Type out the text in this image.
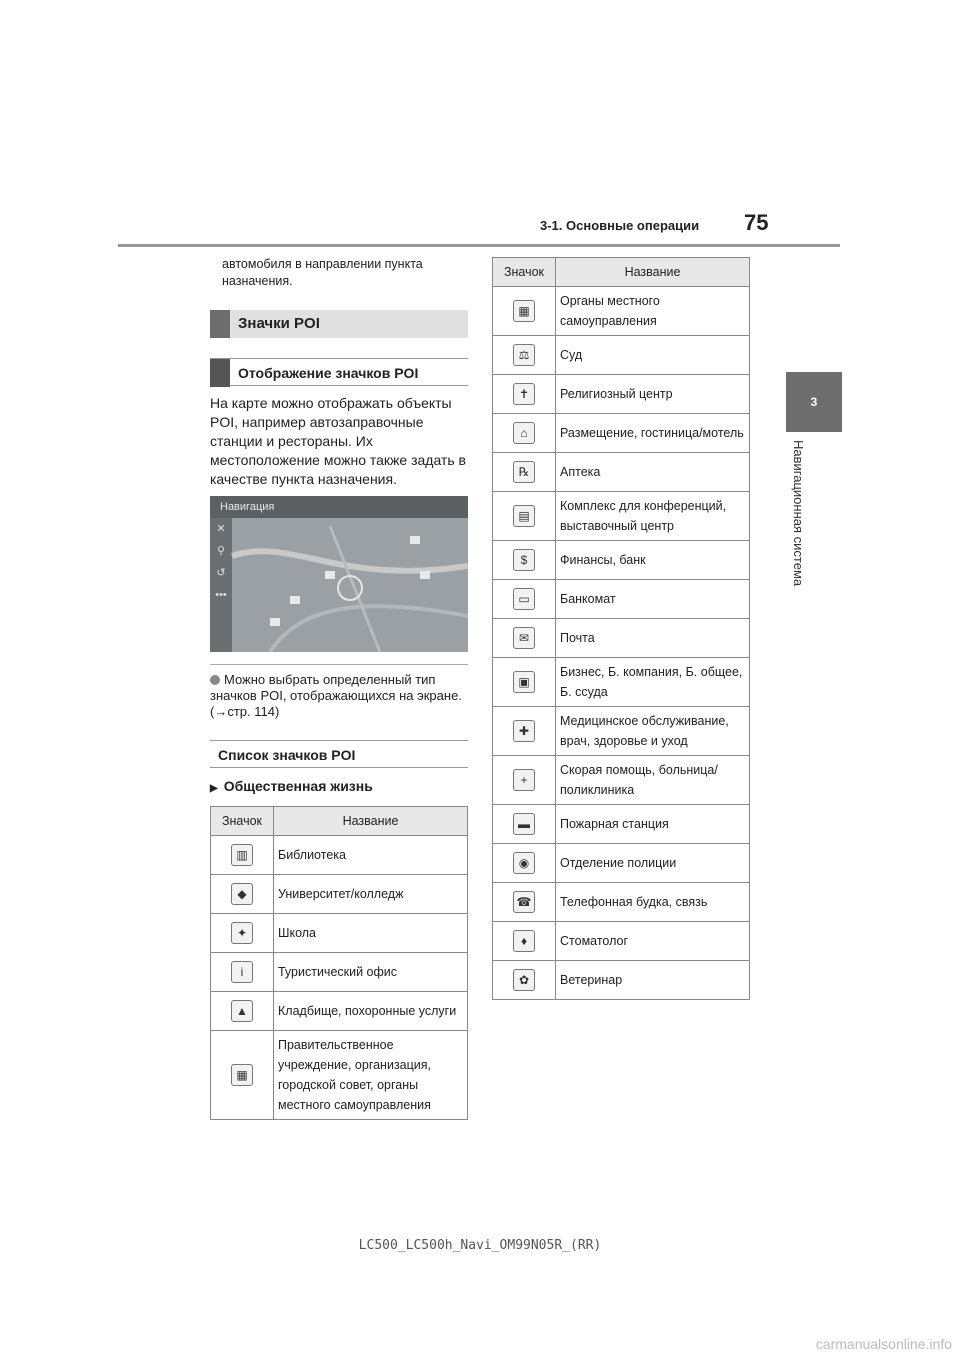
3-1. Основные операции 75
3
Навигационная система
автомобиля в направлении пункта назначения.
Значки POI
Отображение значков POI
На карте можно отображать объекты POI, например автозаправочные станции и рестораны. Их местоположение можно также задать в качестве пункта назначения.
Навигация
✕
⚲
↺
•••
Можно выбрать определенный тип значков POI, отображающихся на экране. (→стр. 114)
Список значков POI
▶ Общественная жизнь
Значок	Название
▥	Библиотека

◆	Университет/колледж

✦	Школа

i	Туристический офис

▲	Кладбище, похоронные услуги

▦	Правительственное
учреждение, организация,
городской совет, органы
местного самоуправления
Значок	Название
▦	Органы местного
самоуправления

⚖	Суд

✝	Религиозный центр

⌂	Размещение, гостиница/мотель

℞	Аптека

▤	Комплекс для конференций,
выставочный центр

$	Финансы, банк

▭	Банкомат

✉	Почта

▣	Бизнес, Б. компания, Б. общее,
Б. ссуда

✚	Медицинское обслуживание,
врач, здоровье и уход

+	Скорая помощь, больница/
поликлиника

▬	Пожарная станция

◉	Отделение полиции

☎	Телефонная будка, связь

♦	Стоматолог

✿	Ветеринар
LC500_LC500h_Navi_OM99N05R_(RR)
carmanualsonline.info
